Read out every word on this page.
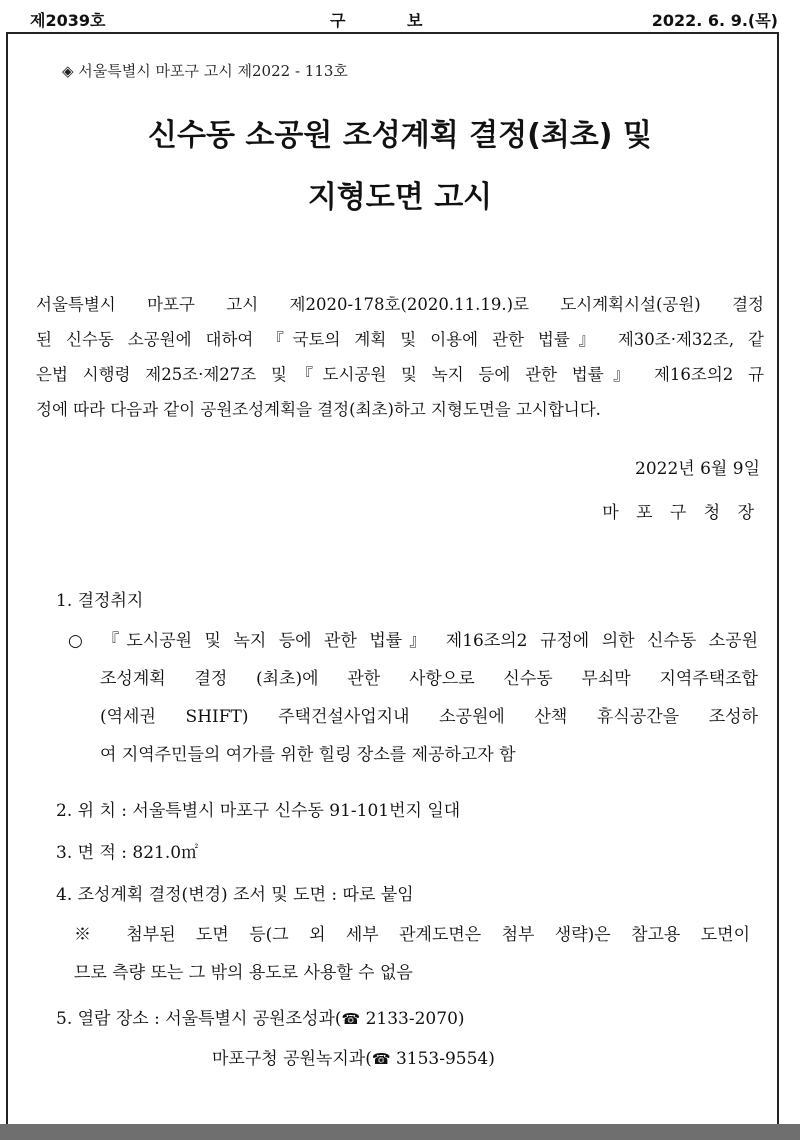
제2039호	구 보	2022. 6. 9.(목)
◈ 서울특별시 마포구 고시 제2022 - 113호
신수동 소공원 조성계획 결정(최초) 및
지형도면 고시
서울특별시 마포구 고시 제2020-178호(2020.11.19.)로 도시계획시설(공원) 결정
된 신수동 소공원에 대하여 『국토의 계획 및 이용에 관한 법률』 제30조·제32조, 같
은법 시행령 제25조·제27조 및『도시공원 및 녹지 등에 관한 법률』 제16조의2 규
정에 따라 다음과 같이 공원조성계획을 결정(최초)하고 지형도면을 고시합니다.
2022년 6월 9일
마 포 구 청 장
1. 결정취지
○ 『도시공원 및 녹지 등에 관한 법률』 제16조의2 규정에 의한 신수동 소공원
조성계획 결정 (최초)에 관한 사항으로 신수동 무쇠막 지역주택조합
(역세권 SHIFT) 주택건설사업지내 소공원에 산책 휴식공간을 조성하
여 지역주민들의 여가를 위한 힐링 장소를 제공하고자 함
2. 위 치 : 서울특별시 마포구 신수동 91-101번지 일대
3. 면 적 : 821.0㎡
4. 조성계획 결정(변경) 조서 및 도면 : 따로 붙임
※ 첨부된 도면 등(그 외 세부 관계도면은 첨부 생략)은 참고용 도면이
므로 측량 또는 그 밖의 용도로 사용할 수 없음
5. 열람 장소 : 서울특별시 공원조성과(☎ 2133-2070)
마포구청 공원녹지과(☎ 3153-9554)
